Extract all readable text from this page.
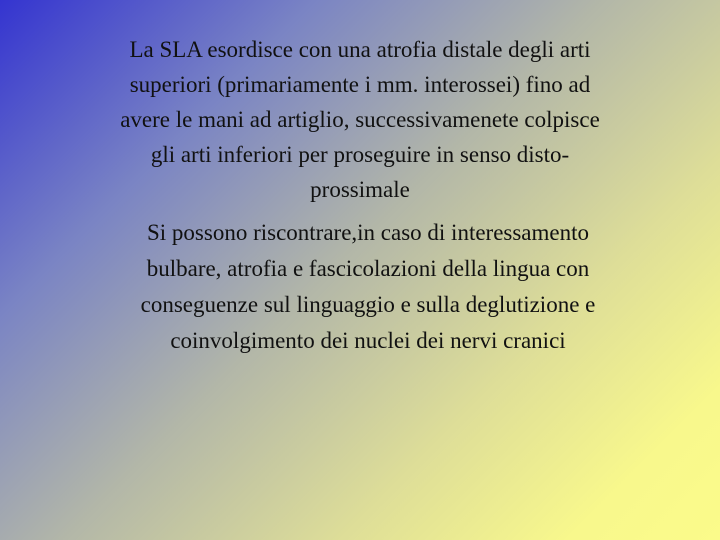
La SLA esordisce con una atrofia distale degli arti
superiori (primariamente i mm. interossei) fino ad
avere le mani ad artiglio, successivamenete colpisce
gli arti inferiori per proseguire in senso disto-
prossimale

Si possono riscontrare,in caso di interessamento
bulbare, atrofia e fascicolazioni della lingua con
conseguenze sul linguaggio e sulla deglutizione e
coinvolgimento dei nuclei dei nervi cranici
